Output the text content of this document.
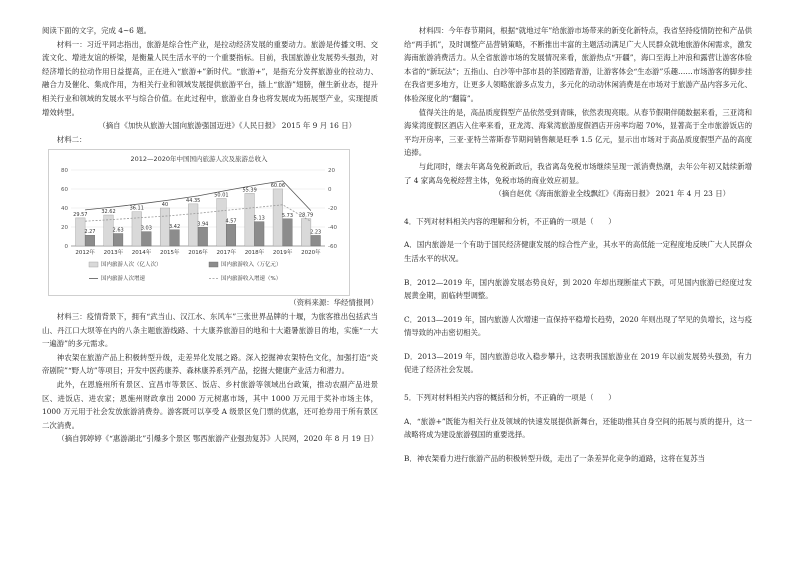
阅读下面的文字，完成 4~6 题。

材料一：习近平同志指出，旅游是综合性产业，是拉动经济发展的重要动力。旅游是传播文明、交流文化、增进友谊的桥梁，是衡量人民生活水平的一个重要指标。目前，我国旅游业发展势头强劲，对经济增长的拉动作用日益提高，正在进入“旅游+”新时代。“旅游+”，是指充分发挥旅游业的拉动力、融合力及催化、集成作用，为相关行业和领域发展提供旅游平台，插上“旅游”翅膀，催生新业态，提升相关行业和领域的发展水平与综合价值。在此过程中，旅游业自身也将发展成为拓展型产业，实现提质增效转型。

（摘自《加快从旅游大国向旅游强国迈进》《人民日报》 2015 年 9 月 16 日）

材料二：

2012—2020年中国国内旅游人次及旅游总收入
80
60
40
20
0
20
0
-20
-40
-60
29.57
2.27
2012年
32.62
2.63
2013年
36.11
3.03
2014年
40
3.42
2015年
44.35
3.94
2016年
50.01
4.57
2017年
55.39
5.13
2018年
60.06
5.73
2019年
28.79
2.23
2020年
国内旅游人次（亿人次）	国内旅游收入（万亿元）
国内旅游人次增速	国内旅游收入增速（%）

（资料来源：华经情报网）

材料三：疫情背景下，拥有“武当山、汉江水、东风车”三张世界品牌的十堰，为旅客推出包括武当山、丹江口大坝等在内的八条主题旅游线路、十大康养旅游目的地和十大避暑旅游目的地，实施“一大一遍游”的多元需求。

神农架在旅游产品上积极转型升级，走差异化发展之路。深入挖掘神农架特色文化，加强打造“炎帝剧院”“野人坊”等项目；开发中医药康养、森林康养系列产品，挖掘大健康产业活力和潜力。

此外，在恩施州所有景区、宜昌市等景区、饭店、乡村旅游等领域出台政策，推动农副产品进景区、进饭店、进农家；恩施州财政拿出 2000 万元树惠市场，其中 1000 万元用于奖补市场主体，1000 万元用于社会发放旅游消费券。游客既可以享受 A 级景区免门票的优惠，还可抢券用于所有景区二次消费。

（摘自郭婷婷《“惠游湖北”引爆多个景区 鄂西旅游产业强劲复苏》人民网，2020 年 8 月 19 日）

材料四：今年春节期间，根据“就地过年”给旅游市场带来的新变化新特点，我省坚持疫情防控和产品供给“两手抓”，及时调整产品营销策略，不断推出丰富的主题活动满足广大人民群众就地旅游休闲需求，激发海南旅游消费活力。从全省旅游市场的发展情况来看，旅游热点“开疆”，海口至海上冲浪和露营让游客体验本省的“新玩法”；五指山、白沙等中部市县的茶园踏青游，让游客体会“生态游”乐趣……市场游客的脚步挂在我省更多地方，让更多人领略旅游多点发力，多元化的动动休闲消费是在市场对于旅游产品内容多元化、体验深度化的“翻篇”。

值得关注的是，高品质度假型产品依然受到青睐，依然表现亮眼。从春节假期伴随数据来看，三亚湾和海棠湾度假区酒店入住率来看，亚龙湾、海棠湾旅游度假酒店开房率均超 70%，显著高于全市旅游饭店的平均开房率，三亚·亚特兰蒂斯春节期间销售额是旺季 1.5 亿元，显示出市场对于高品质度假型产品的高度追捧。

与此同时，继去年离岛免税新政后，我省离岛免税市场继续呈现一派消费热潮，去年公年初又陆续新增了 4 家离岛免税经营主体，免税市场的商业效应初显。

（摘自赵优《海南旅游业全线飘红》《海南日报》 2021 年 4 月 23 日）

4．下列对材料相关内容的理解和分析，不正确的一项是（　　）

A．国内旅游是一个有助于国民经济健康发展的综合性产业，其水平的高低能一定程度地反映广大人民群众生活水平的状况。

B．2012—2019 年，国内旅游发展态势良好，到 2020 年却出现断崖式下跌，可见国内旅游已经度过发展黄金期，面临转型调整。

C．2013—2019 年，国内旅游人次增速一直保持平稳增长趋势，2020 年则出现了罕见的负增长，这与疫情导致的冲击密切相关。

D．2013—2019 年，国内旅游总收入稳步攀升，这表明我国旅游业在 2019 年以前发展势头强劲，有力促进了经济社会发展。

5．下列对材料相关内容的概括和分析，不正确的一项是（　　）

A．“旅游+”既能为相关行业及领域的快速发展提供新舞台，还能助推其自身空间的拓展与质的提升，这一战略将成为建设旅游强国的重要选择。

B．神农架看力进行旅游产品的积极转型升级，走出了一条差异化竞争的道路，这将在复苏当
